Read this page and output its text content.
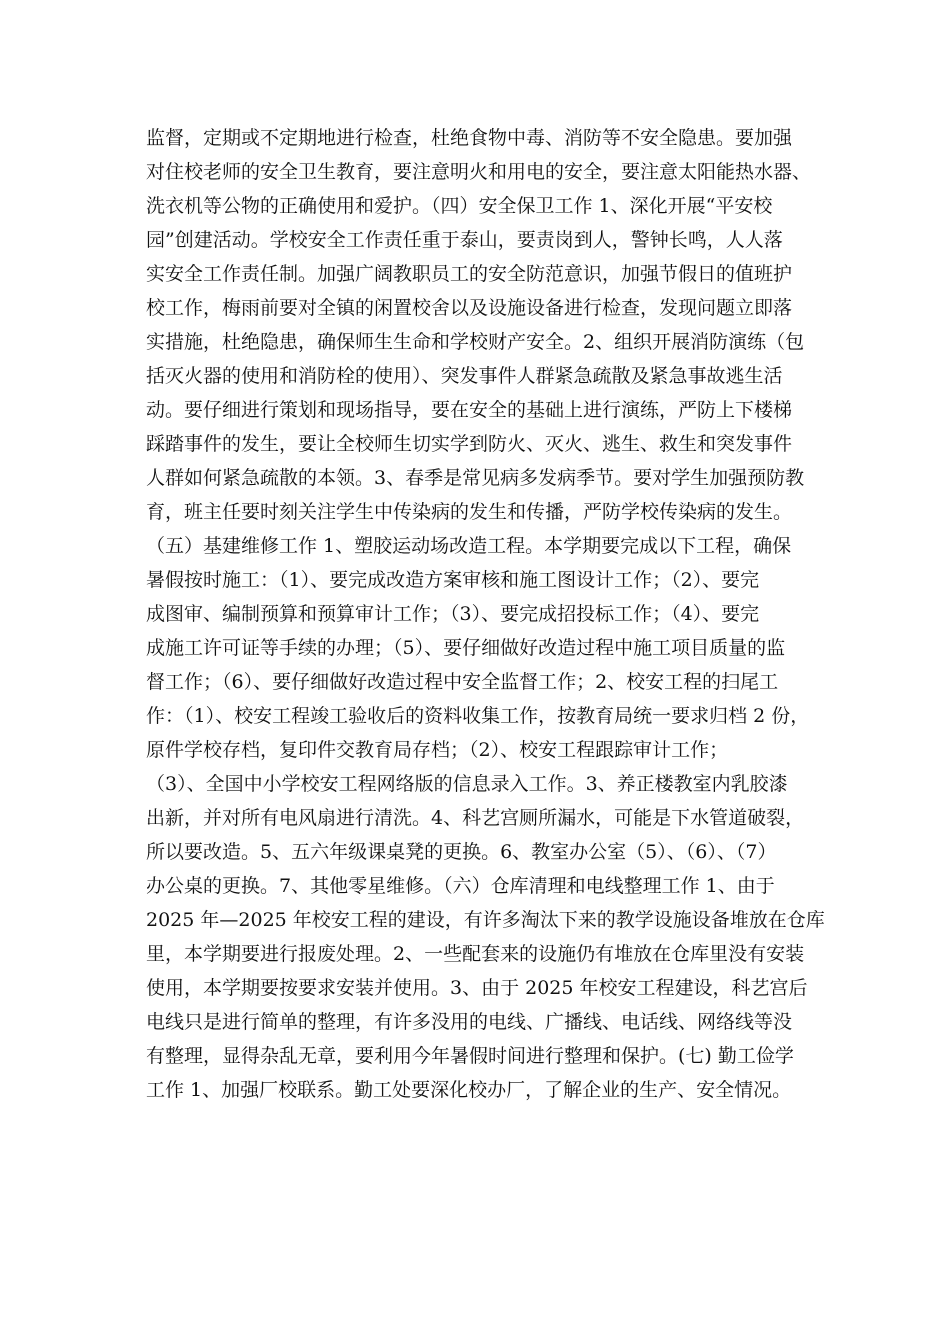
监督，定期或不定期地进行检查，杜绝食物中毒、消防等不安全隐患。要加强
对住校老师的安全卫生教育，要注意明火和用电的安全，要注意太阳能热水器、
洗衣机等公物的正确使用和爱护。（四）安全保卫工作 1、深化开展“平安校
园”创建活动。学校安全工作责任重于泰山，要责岗到人，警钟长鸣，人人落
实安全工作责任制。加强广阔教职员工的安全防范意识，加强节假日的值班护
校工作，梅雨前要对全镇的闲置校舍以及设施设备进行检查，发现问题立即落
实措施，杜绝隐患，确保师生生命和学校财产安全。2、组织开展消防演练（包
括灭火器的使用和消防栓的使用）、突发事件人群紧急疏散及紧急事故逃生活
动。要仔细进行策划和现场指导，要在安全的基础上进行演练，严防上下楼梯
踩踏事件的发生，要让全校师生切实学到防火、灭火、逃生、救生和突发事件
人群如何紧急疏散的本领。3、春季是常见病多发病季节。要对学生加强预防教
育，班主任要时刻关注学生中传染病的发生和传播，严防学校传染病的发生。
（五）基建维修工作 1、塑胶运动场改造工程。本学期要完成以下工程，确保
暑假按时施工：（1）、要完成改造方案审核和施工图设计工作；（2）、要完
成图审、编制预算和预算审计工作；（3）、要完成招投标工作；（4）、要完
成施工许可证等手续的办理；（5）、要仔细做好改造过程中施工项目质量的监
督工作；（6）、要仔细做好改造过程中安全监督工作；2、校安工程的扫尾工
作：（1）、校安工程竣工验收后的资料收集工作，按教育局统一要求归档 2 份，
原件学校存档，复印件交教育局存档；（2）、校安工程跟踪审计工作；
（3）、全国中小学校安工程网络版的信息录入工作。3、养正楼教室内乳胶漆
出新，并对所有电风扇进行清洗。4、科艺宫厕所漏水，可能是下水管道破裂，
所以要改造。5、五六年级课桌凳的更换。6、教室办公室（5）、（6）、（7）
办公桌的更换。7、其他零星维修。（六）仓库清理和电线整理工作 1、由于
2025 年—2025 年校安工程的建设，有许多淘汰下来的教学设施设备堆放在仓库
里，本学期要进行报废处理。2、一些配套来的设施仍有堆放在仓库里没有安装
使用，本学期要按要求安装并使用。3、由于 2025 年校安工程建设，科艺宫后
电线只是进行简单的整理，有许多没用的电线、广播线、电话线、网络线等没
有整理，显得杂乱无章，要利用今年暑假时间进行整理和保护。(七) 勤工俭学
工作 1、加强厂校联系。勤工处要深化校办厂，了解企业的生产、安全情况。
